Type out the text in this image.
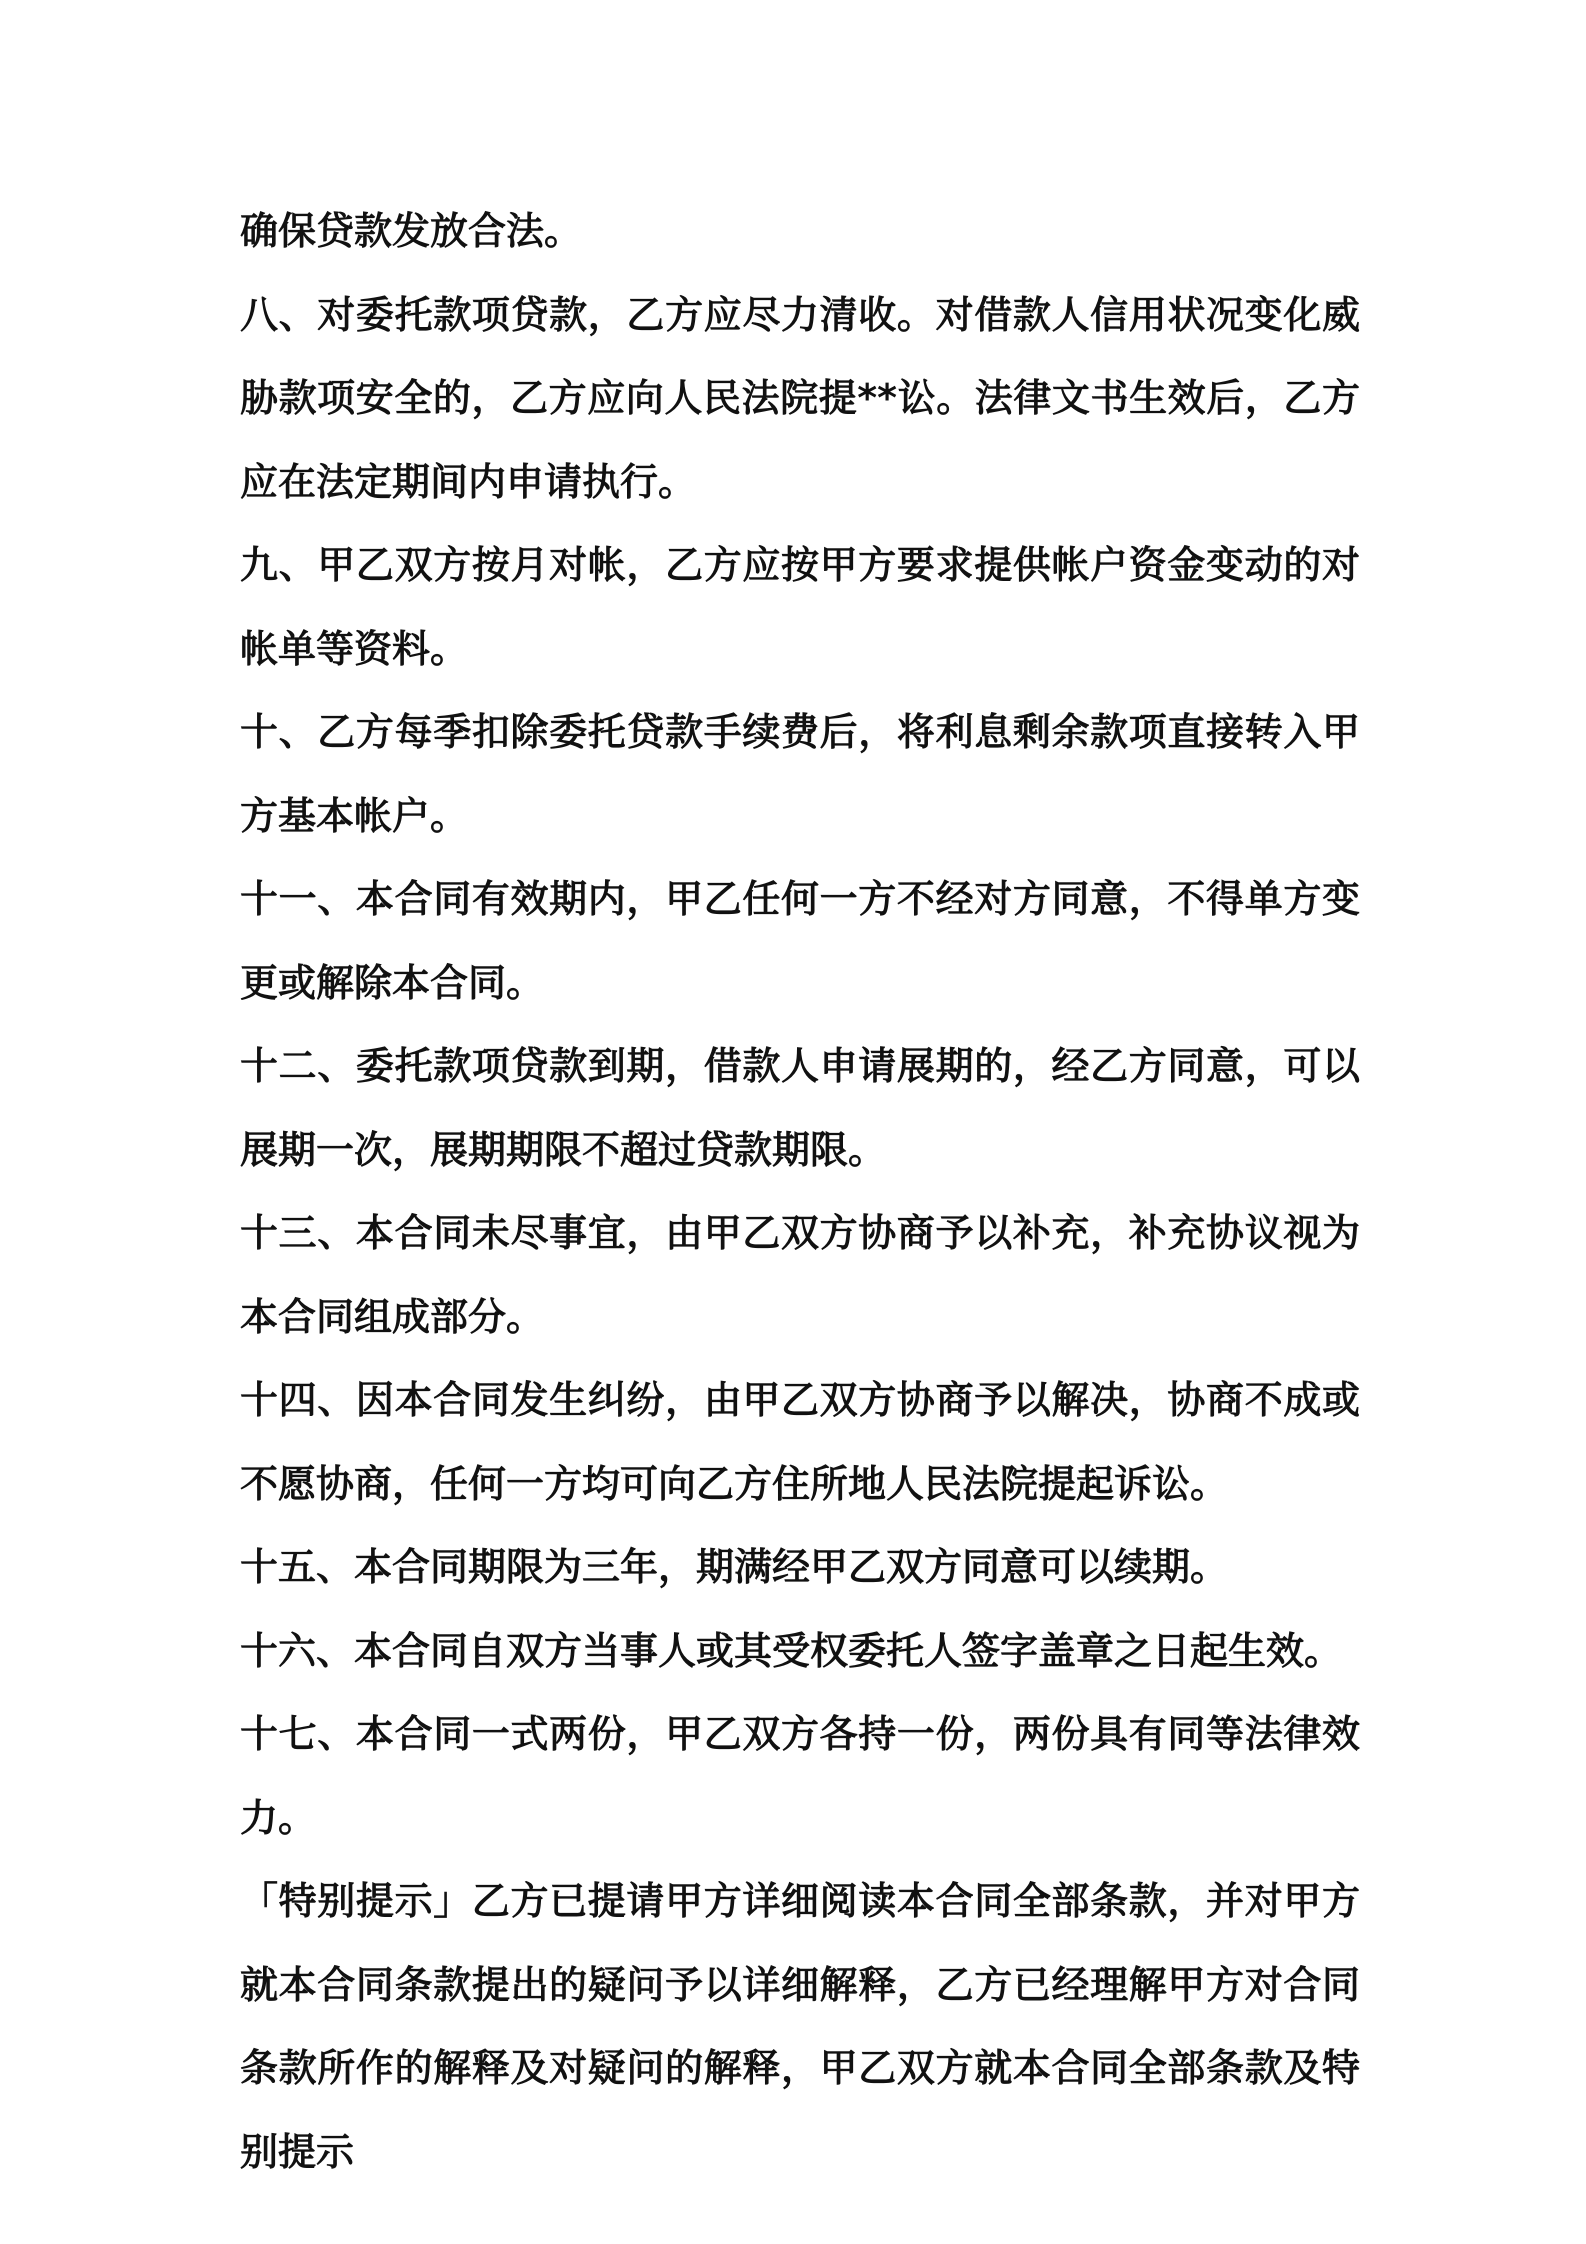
确保贷款发放合法。

八、对委托款项贷款，乙方应尽力清收。对借款人信用状况变化威胁款项安全的，乙方应向人民法院提**讼。法律文书生效后，乙方应在法定期间内申请执行。

九、甲乙双方按月对帐，乙方应按甲方要求提供帐户资金变动的对帐单等资料。

十、乙方每季扣除委托贷款手续费后，将利息剩余款项直接转入甲方基本帐户。

十一、本合同有效期内，甲乙任何一方不经对方同意，不得单方变更或解除本合同。

十二、委托款项贷款到期，借款人申请展期的，经乙方同意，可以展期一次，展期期限不超过贷款期限。

十三、本合同未尽事宜，由甲乙双方协商予以补充，补充协议视为本合同组成部分。

十四、因本合同发生纠纷，由甲乙双方协商予以解决，协商不成或不愿协商，任何一方均可向乙方住所地人民法院提起诉讼。

十五、本合同期限为三年，期满经甲乙双方同意可以续期。

十六、本合同自双方当事人或其受权委托人签字盖章之日起生效。

十七、本合同一式两份，甲乙双方各持一份，两份具有同等法律效力。

「特别提示」乙方已提请甲方详细阅读本合同全部条款，并对甲方就本合同条款提出的疑问予以详细解释，乙方已经理解甲方对合同条款所作的解释及对疑问的解释，甲乙双方就本合同全部条款及特别提示
